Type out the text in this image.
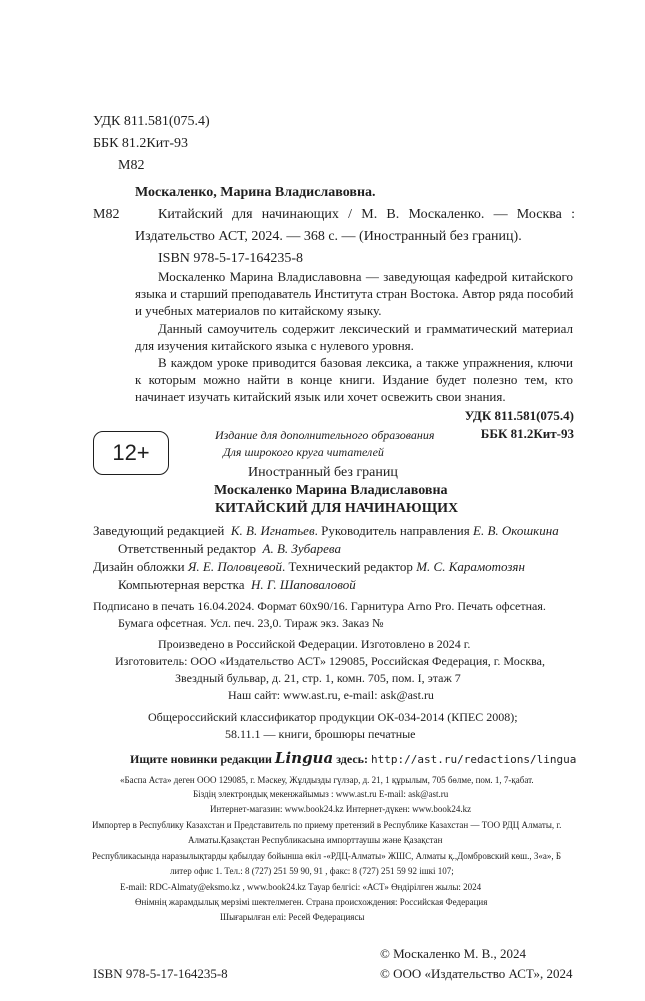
УДК 811.581(075.4)
ББК 81.2Кит-93
М82
Москаленко, Марина Владиславовна.
М82	Китайский для начинающих / М. В. Москаленко. — Москва :
Издательство АСТ, 2024. — 368 с. — (Иностранный без границ).
ISBN 978-5-17-164235-8
Москаленко Марина Владиславовна — заведующая кафедрой китайского
языка и старший преподаватель Института стран Востока. Автор ряда пособий
и учебных материалов по китайскому языку.
Данный самоучитель содержит лексический и грамматический материал
для изучения китайского языка с нулевого уровня.
В каждом уроке приводится базовая лексика, а также упражнения, ключи
к которым можно найти в конце книги. Издание будет полезно тем, кто
начинает изучать китайский язык или хочет освежить свои знания.
УДК 811.581(075.4)
ББК 81.2Кит-93
12+
Издание для дополнительного образования
Для широкого круга читателей
Иностранный без границ
Москаленко Марина Владиславовна
КИТАЙСКИЙ ДЛЯ НАЧИНАЮЩИХ
Заведующий редакцией К. В. Игнатьев. Руководитель направления Е. В. Окошкина
Ответственный редактор А. В. Зубарева
Дизайн обложки Я. Е. Половцевой. Технический редактор М. С. Карамотозян
Компьютерная верстка Н. Г. Шаповаловой
Подписано в печать 16.04.2024. Формат 60х90/16. Гарнитура Arno Pro. Печать офсетная.
Бумага офсетная. Усл. печ. 23,0. Тираж экз. Заказ №
Произведено в Российской Федерации. Изготовлено в 2024 г.
Изготовитель: ООО «Издательство АСТ» 129085, Российская Федерация, г. Москва,
Звездный бульвар, д. 21, стр. 1, комн. 705, пом. I, этаж 7
Наш сайт: www.ast.ru, e-mail: ask@ast.ru
Общероссийский классификатор продукции ОК-034-2014 (КПЕС 2008);
58.11.1 — книги, брошюры печатные
Ищите новинки редакции Lingua здесь: http://ast.ru/redactions/lingua
«Баспа Аста» деген ООО 129085, г. Мәскеу, Жұлдызды гүлзар, д. 21, 1 құрылым, 705 бөлме, пом. 1, 7-қабат.
Біздің электрондық мекенжайымыз : www.ast.ru E-mail: ask@ast.ru
Интернет-магазин: www.book24.kz Интернет-дүкен: www.book24.kz
Импортер в Республику Казахстан и Представитель по приему претензий в Республике Казахстан — ТОО РДЦ Алматы, г.
Алматы.Қазақстан Республикасына импорттаушы және Қазақстан
Республикасында наразылықтарды қабылдау бойынша өкіл -«РДЦ-Алматы» ЖШС, Алматы қ.,Домбровский көш., 3«а», Б
литер офис 1. Тел.: 8 (727) 251 59 90, 91 , факс: 8 (727) 251 59 92 ішкі 107;
E-mail: RDC-Almaty@eksmo.kz , www.book24.kz Тауар белгісі: «АСТ» Өндірілген жылы: 2024
Өнімнің жарамдылық мерзімі шектелмеген. Страна происхождения: Российская Федерация
Шығарылған елі: Ресей Федерациясы
© Москаленко М. В., 2024
ISBN 978-5-17-164235-8	© ООО «Издательство АСТ», 2024
